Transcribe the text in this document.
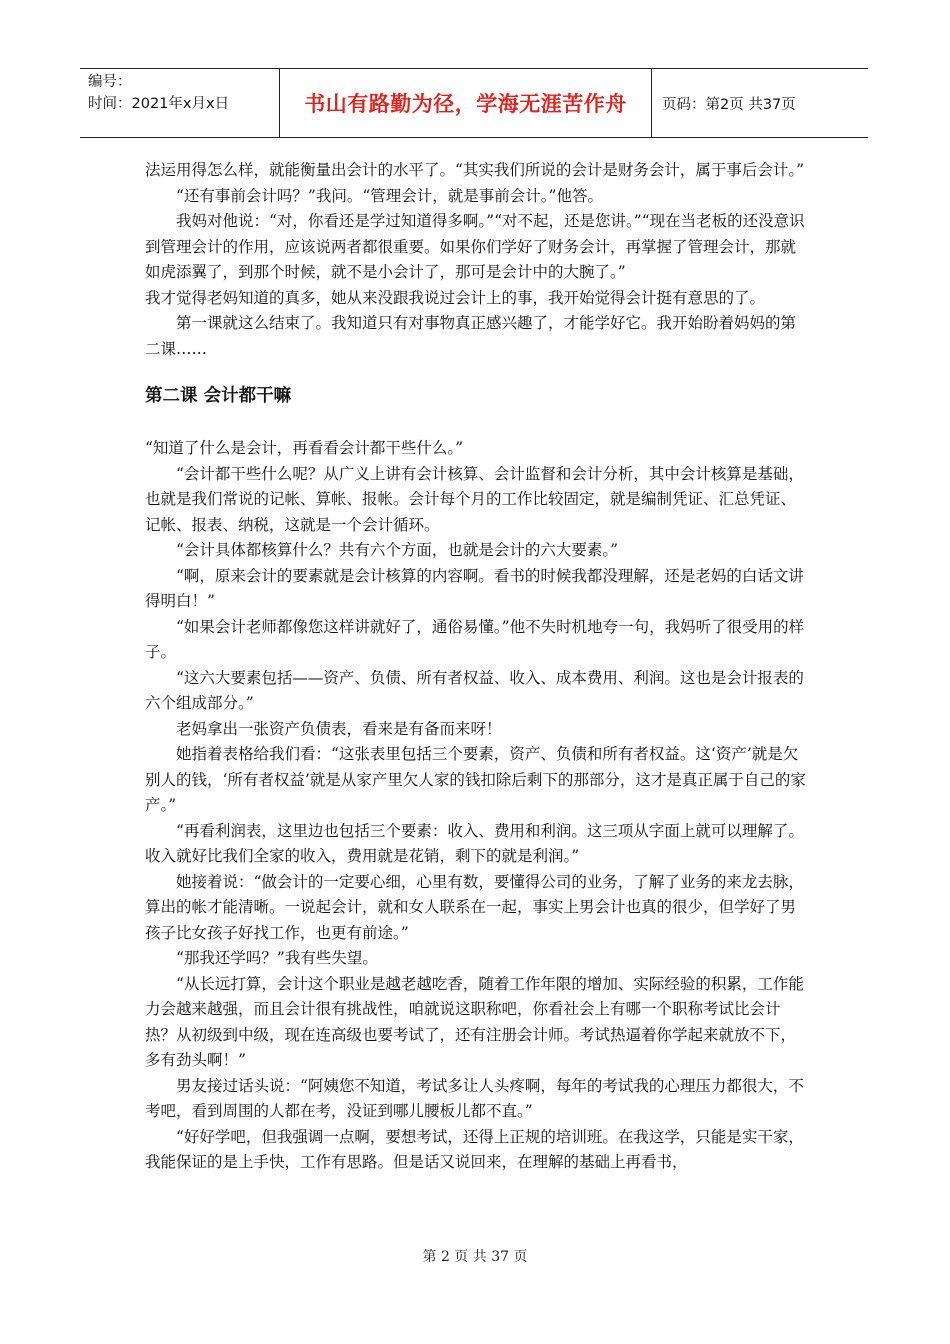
编号：
时间：2021年x月x日	书山有路勤为径，学海无涯苦作舟	页码：第2页 共37页

法运用得怎么样，就能衡量出会计的水平了。“其实我们所说的会计是财务会计，属于事后会计。”

“还有事前会计吗？”我问。“管理会计，就是事前会计。”他答。

我妈对他说：“对，你看还是学过知道得多啊。”“对不起，还是您讲。”“现在当老板的还没意识到管理会计的作用，应该说两者都很重要。如果你们学好了财务会计，再掌握了管理会计，那就如虎添翼了，到那个时候，就不是小会计了，那可是会计中的大腕了。”

我才觉得老妈知道的真多，她从来没跟我说过会计上的事，我开始觉得会计挺有意思的了。

第一课就这么结束了。我知道只有对事物真正感兴趣了，才能学好它。我开始盼着妈妈的第二课……

第二课 会计都干嘛

“知道了什么是会计，再看看会计都干些什么。”

“会计都干些什么呢？从广义上讲有会计核算、会计监督和会计分析，其中会计核算是基础，也就是我们常说的记帐、算帐、报帐。会计每个月的工作比较固定，就是编制凭证、汇总凭证、记帐、报表、纳税，这就是一个会计循环。

“会计具体都核算什么？共有六个方面，也就是会计的六大要素。”

“啊，原来会计的要素就是会计核算的内容啊。看书的时候我都没理解，还是老妈的白话文讲得明白！”

“如果会计老师都像您这样讲就好了，通俗易懂。”他不失时机地夸一句，我妈听了很受用的样子。

“这六大要素包括——资产、负债、所有者权益、收入、成本费用、利润。这也是会计报表的六个组成部分。”

老妈拿出一张资产负债表，看来是有备而来呀！

她指着表格给我们看：“这张表里包括三个要素，资产、负债和所有者权益。这‘资产’就是欠别人的钱，‘所有者权益’就是从家产里欠人家的钱扣除后剩下的那部分，这才是真正属于自己的家产。”

“再看利润表，这里边也包括三个要素：收入、费用和利润。这三项从字面上就可以理解了。收入就好比我们全家的收入，费用就是花销，剩下的就是利润。”

她接着说：“做会计的一定要心细，心里有数，要懂得公司的业务，了解了业务的来龙去脉，算出的帐才能清晰。一说起会计，就和女人联系在一起，事实上男会计也真的很少，但学好了男孩子比女孩子好找工作，也更有前途。”

“那我还学吗？”我有些失望。

“从长远打算，会计这个职业是越老越吃香，随着工作年限的增加、实际经验的积累，工作能力会越来越强，而且会计很有挑战性，咱就说这职称吧，你看社会上有哪一个职称考试比会计热？从初级到中级，现在连高级也要考试了，还有注册会计师。考试热逼着你学起来就放不下，多有劲头啊！”

男友接过话头说：“阿姨您不知道，考试多让人头疼啊，每年的考试我的心理压力都很大，不考吧，看到周围的人都在考，没证到哪儿腰板儿都不直。”

“好好学吧，但我强调一点啊，要想考试，还得上正规的培训班。在我这学，只能是实干家，我能保证的是上手快，工作有思路。但是话又说回来，在理解的基础上再看书，

第 2 页 共 37 页
